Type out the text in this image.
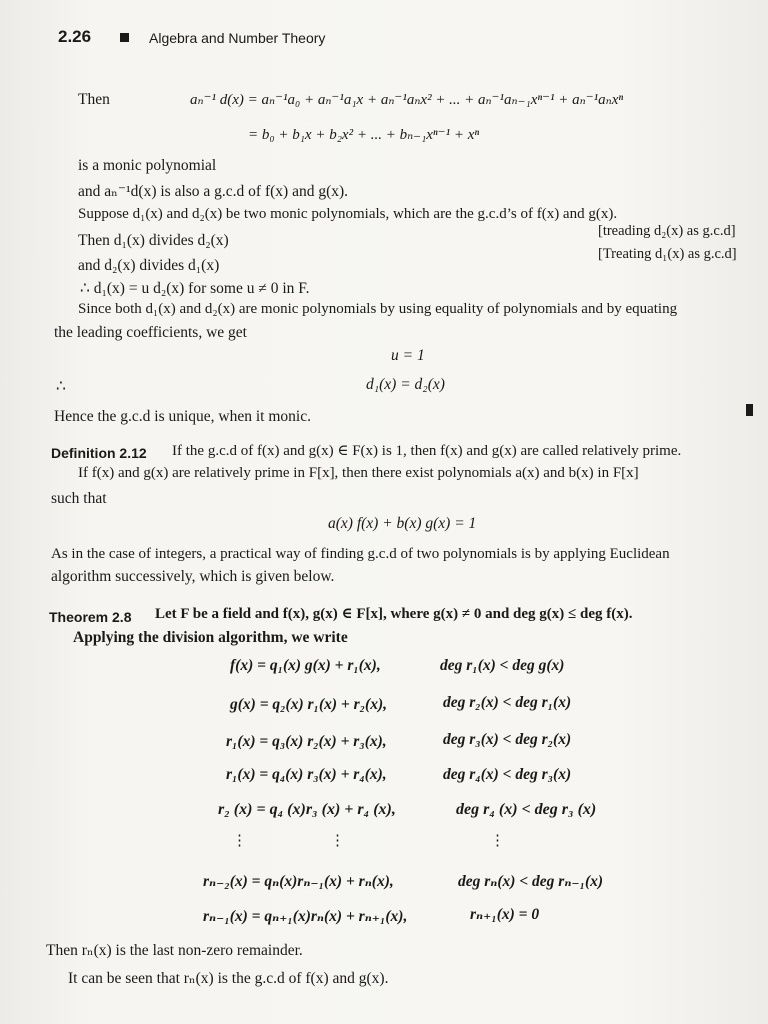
2.26	Algebra and Number Theory
Then	aₙ⁻¹ d(x) = aₙ⁻¹a₀ + aₙ⁻¹a₁x + aₙ⁻¹aₙx² + ... + aₙ⁻¹aₙ₋₁xⁿ⁻¹ + aₙ⁻¹aₙxⁿ
= b₀ + b₁x + b₂x² + ... + bₙ₋₁xⁿ⁻¹ + xⁿ
is a monic polynomial
and aₙ⁻¹d(x) is also a g.c.d of f(x) and g(x).
Suppose d₁(x) and d₂(x) be two monic polynomials, which are the g.c.d’s of f(x) and g(x).
Then d₁(x) divides d₂(x)
[treading d₂(x) as g.c.d]
and d₂(x) divides d₁(x)
[Treating d₁(x) as g.c.d]
∴ d₁(x) = u d₂(x) for some u ≠ 0 in F.
Since both d₁(x) and d₂(x) are monic polynomials by using equality of polynomials and by equating
the leading coefficients, we get
u = 1
∴	d₁(x) = d₂(x)
Hence the g.c.d is unique, when it monic.
Definition 2.12 If the g.c.d of f(x) and g(x) ∈ F(x) is 1, then f(x) and g(x) are called relatively prime.
If f(x) and g(x) are relatively prime in F[x], then there exist polynomials a(x) and b(x) in F[x]
such that
a(x) f(x) + b(x) g(x) = 1
As in the case of integers, a practical way of finding g.c.d of two polynomials is by applying Euclidean
algorithm successively, which is given below.
Theorem 2.8 Let F be a field and f(x), g(x) ∈ F[x], where g(x) ≠ 0 and deg g(x) ≤ deg f(x).
Applying the division algorithm, we write
f(x) = q₁(x) g(x) + r₁(x),	deg r₁(x) < deg g(x)
g(x) = q₂(x) r₁(x) + r₂(x),	deg r₂(x) < deg r₁(x)
r₁(x) = q₃(x) r₂(x) + r₃(x),	deg r₃(x) < deg r₂(x)
r₁(x) = q₄(x) r₃(x) + r₄(x),	deg r₄(x) < deg r₃(x)
r₂ (x) = q₄ (x)r₃ (x) + r₄ (x),	deg r₄ (x) < deg r₃ (x)
⋮	⋮	⋮
rₙ₋₂(x) = qₙ(x)rₙ₋₁(x) + rₙ(x),	deg rₙ(x) < deg rₙ₋₁(x)
rₙ₋₁(x) = qₙ₊₁(x)rₙ(x) + rₙ₊₁(x),	rₙ₊₁(x) = 0
Then rₙ(x) is the last non-zero remainder.
It can be seen that rₙ(x) is the g.c.d of f(x) and g(x).
